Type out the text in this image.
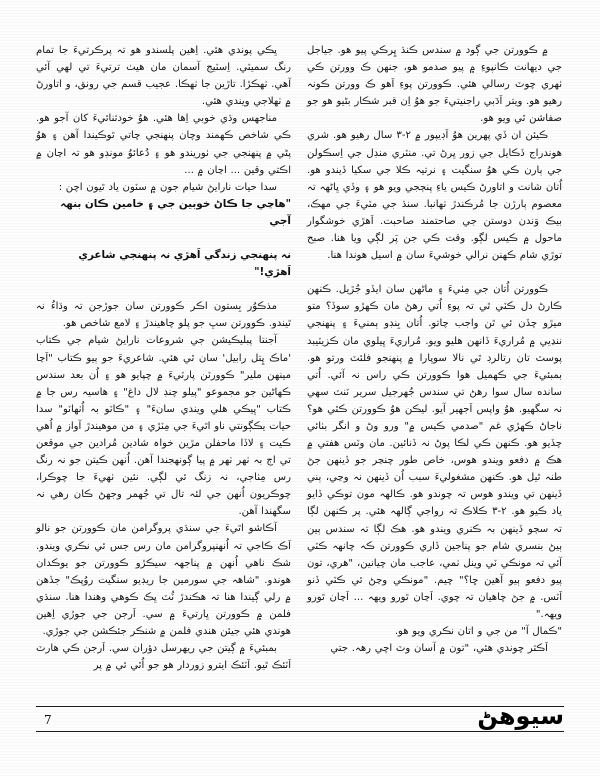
ڀڪي پوندي هئي. اِهين پلسندو هو تہ پرڪرتيءَ جا تمام رنگ سميٽي. اِسٽيج آسمان مان هيٺ ترتيءَ تي لهي آئي آهي. ٺهڪڙا. تاڙين جا ٺهڪا. عجيب قسم جي رونق، و اتاورڻ ۾ ٺهلاجي ويندي هئي.

مناجهس وڌي خوبي اِها هئي. هوُ خودثنائيءَ کان آجو هو. ڪي شاخص ڪهمند وچان پنهنجي چاتي ٿوڪيندا آهن ۽ هوُ پڻي ۾ پنهنجي جي ٺوريندو هو ۽ دُعائوُ مونڊو هو تہ اڃان ۾ اڪتي وقين ... اڃان ۾ ...

سدا حيات نارايڻ شيام جون ۾ سٽون ياد ٿيون اچن :

"هاڃي جا ڪاڻ خوبين جي ۽ خامين ڪان بنهہ

آجي

نہ پنهنجي زندگي اَهڙي نہ پنهنجي شاعري

اَهڙي!"

مذڪوُر بِستون اڪر ڪوورتن سان جوڙجن تہ وڌاءُ نہ ٿيندو. ڪوورتن سڀ جو پلو چاهيندڙ ۽ لامع شاخص هو.

آجنتا پبليڪيشن جي شروعات نارايڻ شيام جي ڪتاب 'ماڪ ڀِتل رابيل' سان ٿي هئي. شاعريءَ جو ٻيو ڪتاب "اَڃا مينھن ملير" ڪوورٽن پارٽيءَ ۾ چپايو هو ۽ اُن بعد سندس ڪهاڻين جو مجموعو "پيلو چنڊ لال داغ" ۽ هاسيہ رس جا ۾ ڪتاب "ڀيڪي هلي ويندي سانءَ" ۽ "ڪاٽو بہ اُٺهاٽو" سدا حيات يڪڳونتي ناو اٿيءَ جي مِٽڙي ۽ من موهيندڙ آواز ۾ اُهي ڪيت ۽ لاڏا ماحفلن مڙين خواہ شادين مُرادين جي موقعن تي اڄ بہ ٺهر ٺهر ۾ پيا ڳونهجندا آهن. اُنهن ڪيتن جو نہ رنگ رس مِٺاجي، نہ زنگ ئي لڳي. نئين ٺهيءَ جا چوڪرا، چوڪريون اُنهن جي لئہ تال تي جُهمر وجهڻ ڪان رهي نہ سگهندا آهن.

آڪاشو اٿيءَ جي سنڌي پروگرامن مان ڪوورتن جو نالو اَڪ ڪاجي تہ اُنهنپروگرامن مان رس جس ئي نڪري ويندو. شڪ ناهي اُنهن ۾ پناجهہ سيڪڙو ڪوورتن جو يوڪدان هوندو. "شاهہ جي سورمين جا ريڊيو سنگيت روُپڪ" جڏهن ۾ رلي ڳيندا هنا تہ هڪندڙ ٽُٽ ڀڪ ڪوهي وهندا هنا. سنڌي فلمن ۾ ڪوورتن ڀارتيءَ ۾ سي. اَرجن جي جوڙي اِهين هوندي هئي جيئن هندي فلمن ۾ شنڪر جئڪشن جي جوڙي.

بمبئيءَ ۾ ڳيتن جي ريهرسل دؤران سي. اَرجن ڪي هارٽ اَٽئڪ ٿيو. اَٽئڪ ايترو زوردار هو جو اُٿي ئي ۾ پر

۾ ڪوورتن جي ڳود ۾ سندس ڪنڌ ڀِرڪي پيو هو. جياجل جي ديهانت ڪانپوءِ ۾ پيو صدمو هو، جنهن ڪ وورتن ڪي ٺهري چوٽ رسالي هئي. ڪوورتن پوءِ اَهو ڪ وورتن ڪونہ رهيو هو. ويتر اَدَبي راجنيتيءَ جو هوُ اِن قبر شڪار بڻيو هو جو صفاشن ٿي ويو هو.

ڪيئن ان ڏي پهرين هوُ اَڊيپور ۾ ٢-٣ سال رهيو هو. شري هوندراج ڏڪايل جي زور ڀرڻ تي. منٽري منڊل جي اِسڪولن جي ٻارن ڪي هوُ سنگيت ۽ نرتيہ ڪلا جي سکيا ڏيندو هو. اُتان شانت و اتاورڻ ڪيس ياءِ پنڄجي ويو هو ۽ وڏي ڀاڻهہ تہ معصوم ٻارڙن جا مُرڪندڙ ٺهانبا. سنڌ جي مٽيءَ جي مهڪ، بيڪ وَندن دوستن جي صاحتمند صاحبت. اَهڙي خوشگوار ماحول ۾ ڪيس لڳو. وقت ڪي جن پَر لڳي ويا هنا. صبح توڙي شام ڪهنن نرالي خوشيءَ سان ۾ اسيل هوندا هنا.

ڪوورتن اُتان جي مِٺيءَ ۽ ماڻهن سان ايڏو جُڙيل. ڪنهن ڪارڻ دل ڪٽي ٿي تہ پوءِ اُتي رهڻ مان ڪهڙو سوڏ؟ متو ميڙو چڏن ئي ٿن واجب چاتو. اُتان بِنڊو ٻمنيءَ ۽ پنهنجي ننڍيي ۾ مُراريءَ ڏانهن هليو ويو. مُراريءَ ڀيلوي مان ڪزيٽيبد پوسٽ تان رتالرڊ ٿي نالا سوپارا ۾ پنهنجو فلئٽ ورتو هو. بمبئيءَ جي ڪهميل هوا ڪوورتن ڪي راس نہ آئي. اُتي سانده سال سوا رهڻ تي سندس جُهرجيل سرير ٽنٽ سهي نہ سگهيو. هوُ واپس اَجهير آيو. ليڪن هوُ ڪوورتن ڪٿي هو؟ ناجاڻ ڪهڙي غم "صدمي ڪيس ۾" ورو وڻ و انگر بٺائي چڏيو هو. ڪنهن ڪي لڪا پوڻ نہ ڏنائين. مان وٽس هفتي ۾ هڪ ۾ دفعو ويندو هوس، خاص طور چنڃر جو ڏينهن جڻ طنہ ٿيل هو. ڪنهن مشغوليءَ سبب اُن ڏينهن نہ وڃي، ٻني ڏينهن تي ويندو هوس تہ چوندو هو. ڪالهہ مون توڪي ڏايو ياد ڪيو هو. ٢-٣ ڪلاڪ تہ رواجي ڳالهہ هئي. پر ڪنهن لڳا تہ سڄو ڏينهن بہ ڪنري ويندو هو. هڪ لڳا تہ سندس ٻين ٻيڻ بنسري شام جو پناجين ڏاري ڪوورتن ڪہ چانهہ ڪٽي آئي تہ مونڪي ٽي وينل ٺمي، عاجب مان چيانين، "هري، تون پيو دفعو ٻيو آهين ڇا؟" چيم. "مونڪي وڃڻ ئي ڪٽي ڏنو اَٽس. ۾ جڻ چاهيان تہ چوي. اَڃان ٿورو ويهہ ... اَڃان ٿورو ويهہ."

"ڪمال آ" من جي و اتان نڪري ويو هو.

اَڪثر چوندي هئي، "تون ۾ آسان وٽ اچي رهہ. جتي

7	سيوهڻ
